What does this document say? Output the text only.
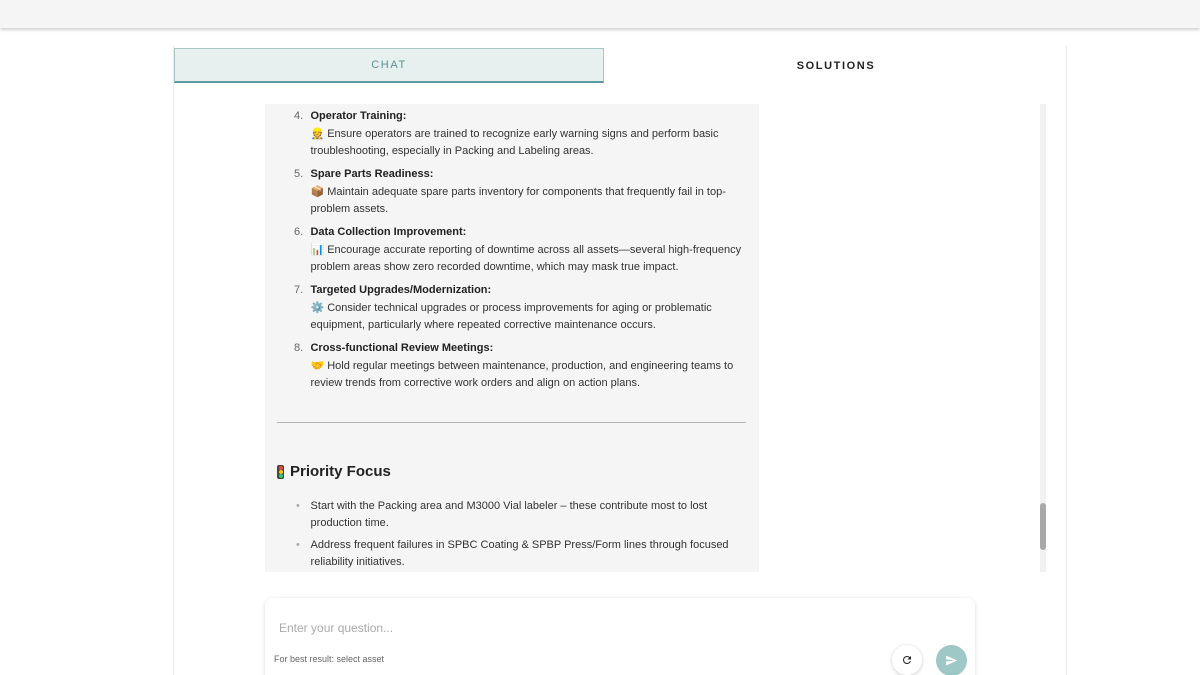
CHAT	SOLUTIONS
4. Operator Training:
👷 Ensure operators are trained to recognize early warning signs and perform basic troubleshooting, especially in Packing and Labeling areas.
5. Spare Parts Readiness:
📦 Maintain adequate spare parts inventory for components that frequently fail in top-problem assets.
6. Data Collection Improvement:
📊 Encourage accurate reporting of downtime across all assets—several high-frequency problem areas show zero recorded downtime, which may mask true impact.
7. Targeted Upgrades/Modernization:
⚙️ Consider technical upgrades or process improvements for aging or problematic equipment, particularly where repeated corrective maintenance occurs.
8. Cross-functional Review Meetings:
🤝 Hold regular meetings between maintenance, production, and engineering teams to review trends from corrective work orders and align on action plans.
Priority Focus
• Start with the Packing area and M3000 Vial labeler – these contribute most to lost production time.
• Address frequent failures in SPBC Coating & SPBP Press/Form lines through focused reliability initiatives.
Enter your question...
For best result: select asset
